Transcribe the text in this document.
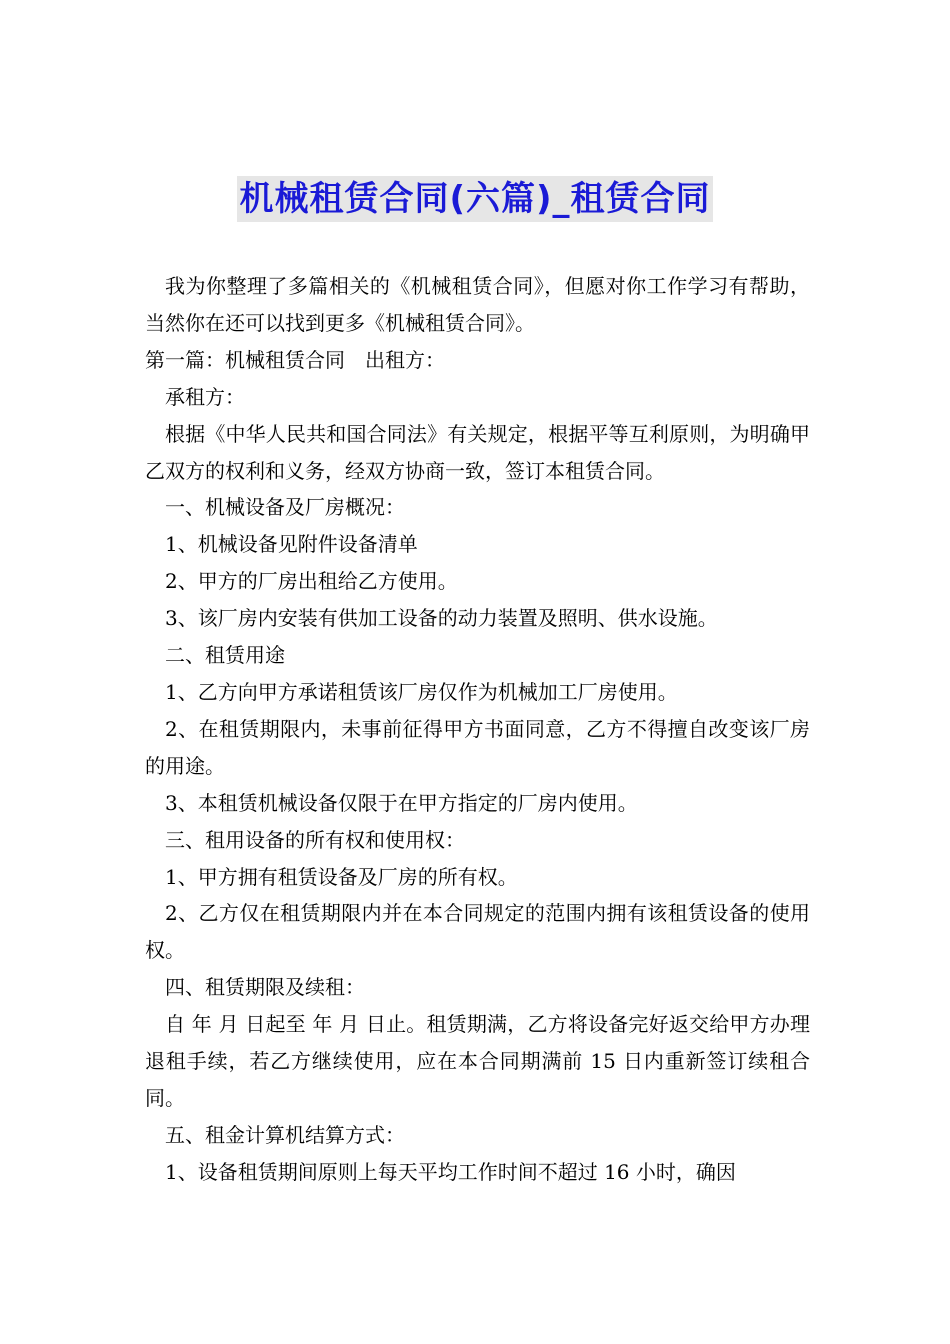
机械租赁合同(六篇)_租赁合同

我为你整理了多篇相关的《机械租赁合同》，但愿对你工作学习有帮助，当然你在还可以找到更多《机械租赁合同》。

第一篇：机械租赁合同　出租方：

承租方：

根据《中华人民共和国合同法》有关规定，根据平等互利原则，为明确甲乙双方的权利和义务，经双方协商一致，签订本租赁合同。

一、机械设备及厂房概况：

1、机械设备见附件设备清单

2、甲方的厂房出租给乙方使用。

3、该厂房内安装有供加工设备的动力装置及照明、供水设施。

二、租赁用途

1、乙方向甲方承诺租赁该厂房仅作为机械加工厂房使用。

2、在租赁期限内，未事前征得甲方书面同意，乙方不得擅自改变该厂房的用途。

3、本租赁机械设备仅限于在甲方指定的厂房内使用。

三、租用设备的所有权和使用权：

1、甲方拥有租赁设备及厂房的所有权。

2、乙方仅在租赁期限内并在本合同规定的范围内拥有该租赁设备的使用权。

四、租赁期限及续租：

自 年 月 日起至 年 月 日止。租赁期满，乙方将设备完好返交给甲方办理退租手续，若乙方继续使用，应在本合同期满前 15 日内重新签订续租合同。

五、租金计算机结算方式：

1、设备租赁期间原则上每天平均工作时间不超过 16 小时，确因
